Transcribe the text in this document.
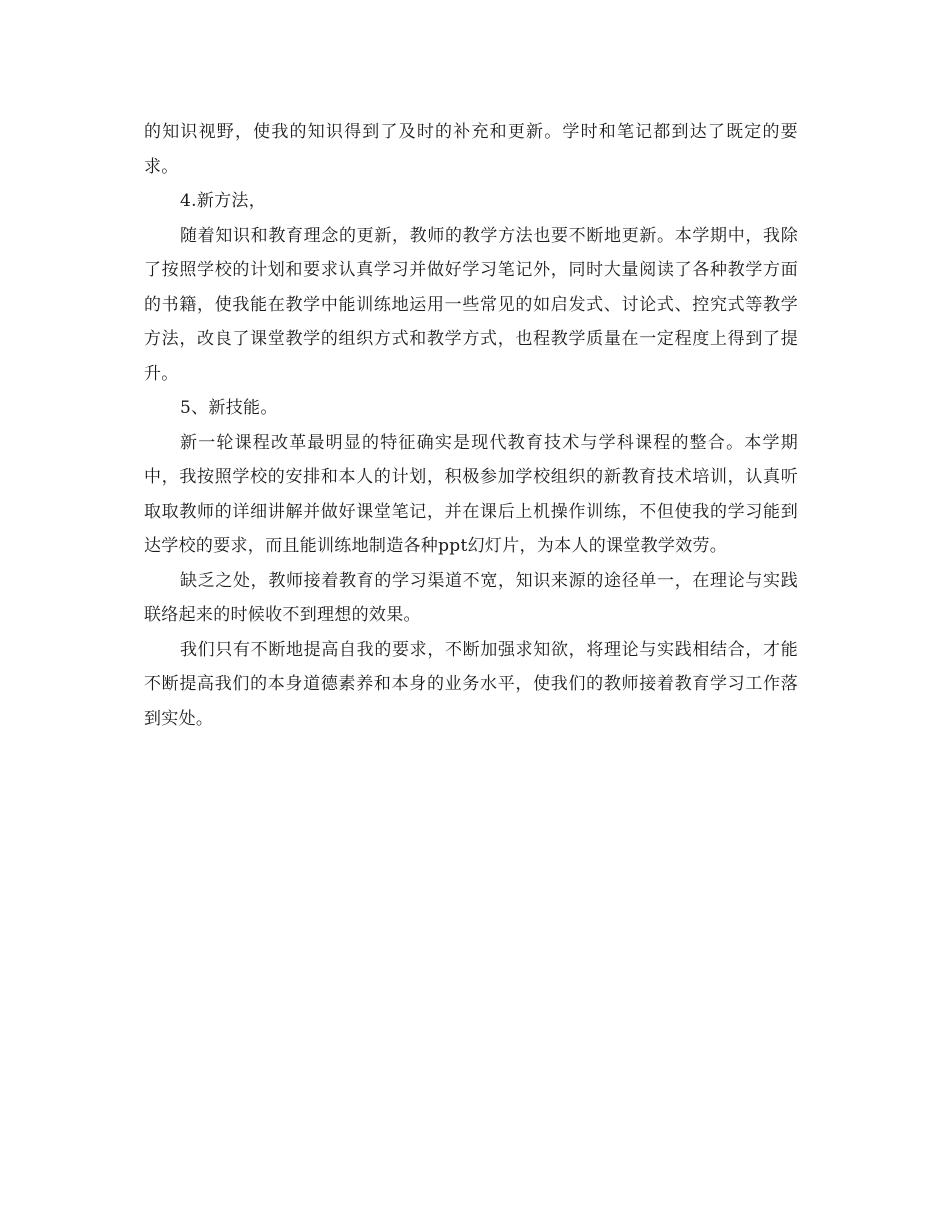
的知识视野，使我的知识得到了及时的补充和更新。学时和笔记都到达了既定的要求。

4.新方法，

随着知识和教育理念的更新，教师的教学方法也要不断地更新。本学期中，我除了按照学校的计划和要求认真学习并做好学习笔记外，同时大量阅读了各种教学方面的书籍，使我能在教学中能训练地运用一些常见的如启发式、讨论式、控究式等教学方法，改良了课堂教学的组织方式和教学方式，也程教学质量在一定程度上得到了提升。

5、新技能。

新一轮课程改革最明显的特征确实是现代教育技术与学科课程的整合。本学期中，我按照学校的安排和本人的计划，积极参加学校组织的新教育技术培训，认真听取取教师的详细讲解并做好课堂笔记，并在课后上机操作训练，不但使我的学习能到达学校的要求，而且能训练地制造各种ppt幻灯片，为本人的课堂教学效劳。

缺乏之处，教师接着教育的学习渠道不宽，知识来源的途径单一，在理论与实践联络起来的时候收不到理想的效果。

我们只有不断地提高自我的要求，不断加强求知欲，将理论与实践相结合，才能不断提高我们的本身道德素养和本身的业务水平，使我们的教师接着教育学习工作落到实处。
